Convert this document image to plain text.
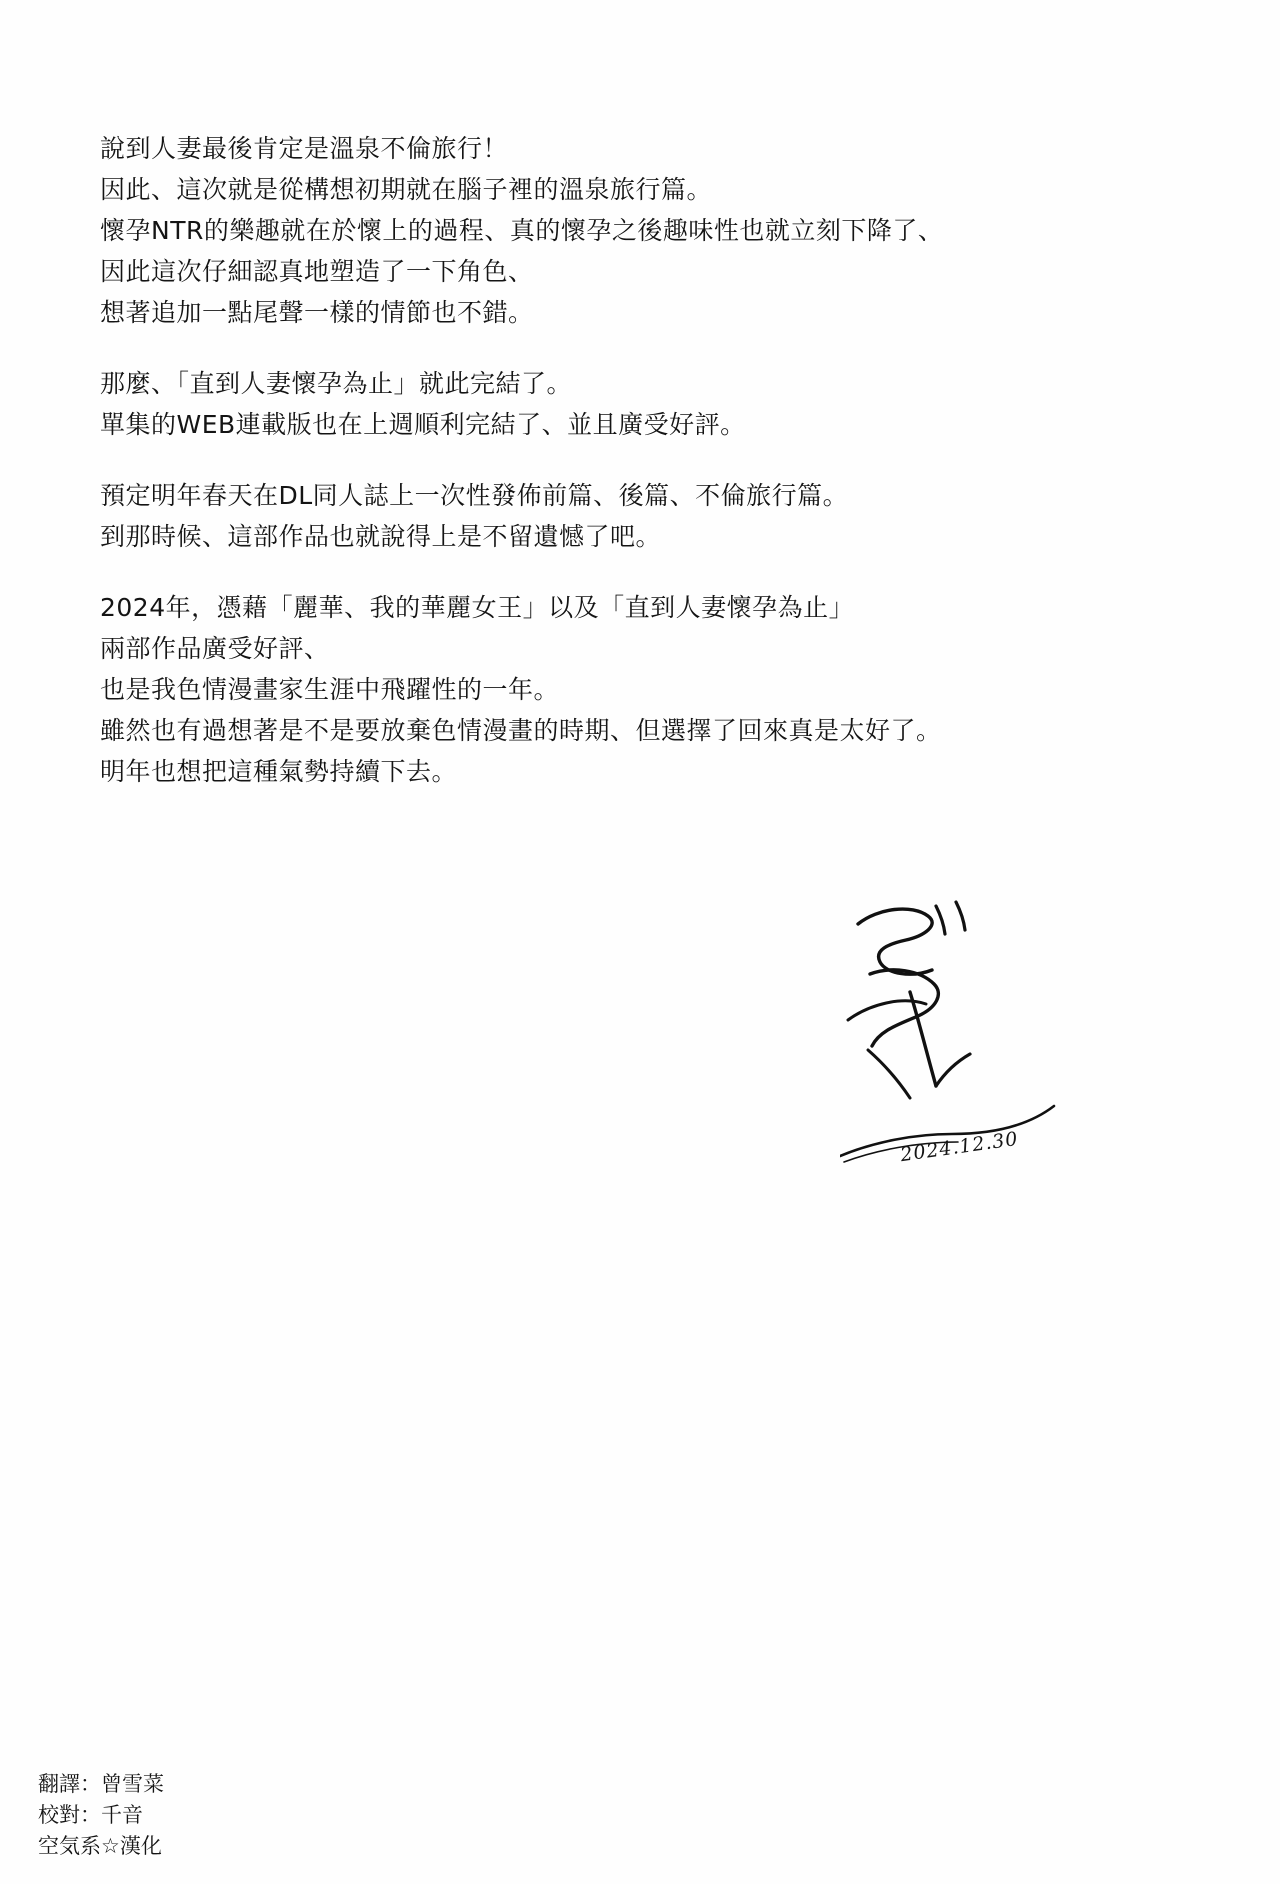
說到人妻最後肯定是溫泉不倫旅行！
因此、這次就是從構想初期就在腦子裡的溫泉旅行篇。
懷孕NTR的樂趣就在於懷上的過程、真的懷孕之後趣味性也就立刻下降了、
因此這次仔細認真地塑造了一下角色、
想著追加一點尾聲一樣的情節也不錯。
那麼、「直到人妻懷孕為止」就此完結了。
單集的WEB連載版也在上週順利完結了、並且廣受好評。
預定明年春天在DL同人誌上一次性發佈前篇、後篇、不倫旅行篇。
到那時候、這部作品也就說得上是不留遺憾了吧。
2024年，憑藉「麗華、我的華麗女王」以及「直到人妻懷孕為止」
兩部作品廣受好評、
也是我色情漫畫家生涯中飛躍性的一年。
雖然也有過想著是不是要放棄色情漫畫的時期、但選擇了回來真是太好了。
明年也想把這種氣勢持續下去。
2024.12.30
翻譯：曾雪菜
校對：千音
空気系☆漢化
